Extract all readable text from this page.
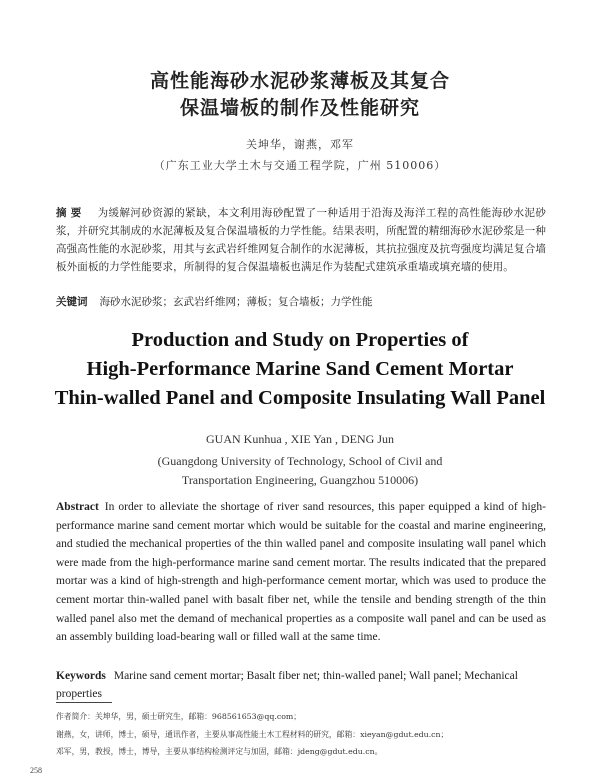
高性能海砂水泥砂浆薄板及其复合
保温墙板的制作及性能研究
关坤华，谢燕，邓军
（广东工业大学土木与交通工程学院，广州 510006）
摘要 为缓解河砂资源的紧缺，本文利用海砂配置了一种适用于沿海及海洋工程的高性能海砂水泥砂浆，并研究其制成的水泥薄板及复合保温墙板的力学性能。结果表明，所配置的精细海砂水泥砂浆是一种高强高性能的水泥砂浆，用其与玄武岩纤维网复合制作的水泥薄板，其抗拉强度及抗弯强度均满足复合墙板外面板的力学性能要求，所制得的复合保温墙板也满足作为装配式建筑承重墙或填充墙的使用。
关键词 海砂水泥砂浆；玄武岩纤维网；薄板；复合墙板；力学性能
Production and Study on Properties of
High-Performance Marine Sand Cement Mortar
Thin-walled Panel and Composite Insulating Wall Panel
GUAN Kunhua , XIE Yan , DENG Jun
(Guangdong University of Technology, School of Civil and
Transportation Engineering, Guangzhou 510006)
Abstract In order to alleviate the shortage of river sand resources, this paper equipped a kind of high-performance marine sand cement mortar which would be suitable for the coastal and marine engineering, and studied the mechanical properties of the thin walled panel and composite insulating wall panel which were made from the high-performance marine sand cement mortar. The results indicated that the prepared mortar was a kind of high-strength and high-performance cement mortar, which was used to produce the cement mortar thin-walled panel with basalt fiber net, while the tensile and bending strength of the thin walled panel also met the demand of mechanical properties as a composite wall panel and can be used as an assembly building load-bearing wall or filled wall at the same time.
Keywords Marine sand cement mortar; Basalt fiber net; thin-walled panel; Wall panel; Mechanical properties
作者简介：关坤华，男，硕士研究生，邮箱：968561653@qq.com；
谢燕，女，讲师，博士，硕导，通讯作者，主要从事高性能土木工程材料的研究，邮箱：xieyan@gdut.edu.cn；
邓军，男，教授，博士，博导，主要从事结构检测评定与加固，邮箱：jdeng@gdut.edu.cn。
258
